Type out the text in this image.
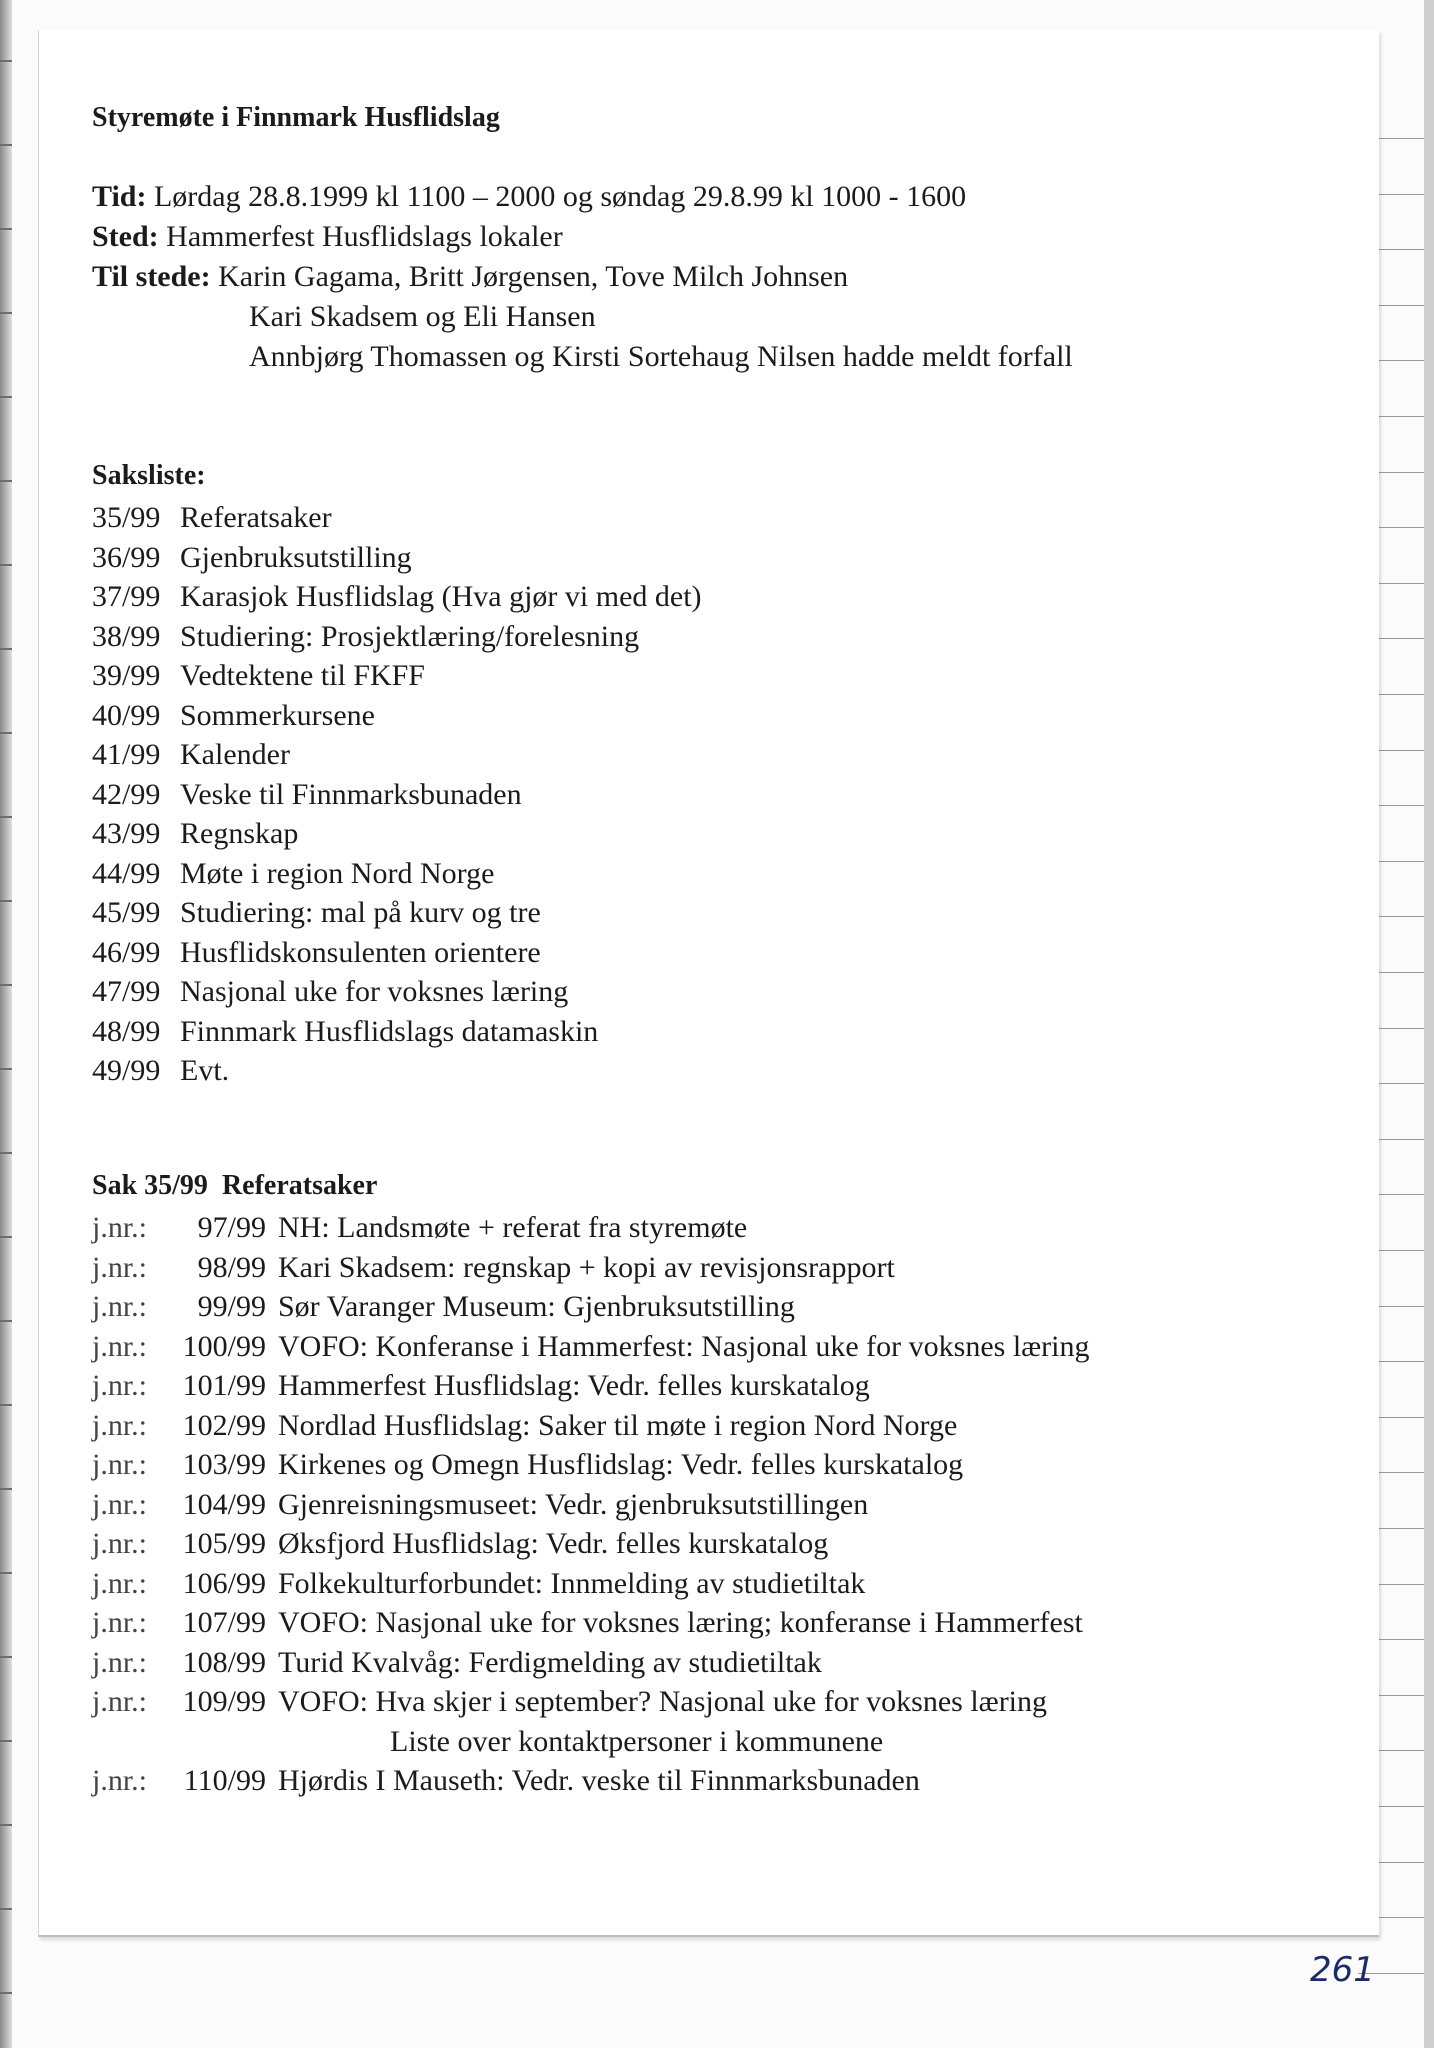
Styremøte i Finnmark Husflidslag
Tid: Lørdag 28.8.1999 kl 1100 – 2000 og søndag 29.8.99 kl 1000 - 1600
Sted: Hammerfest Husflidslags lokaler
Til stede: Karin Gagama, Britt Jørgensen, Tove Milch Johnsen
Kari Skadsem og Eli Hansen
Annbjørg Thomassen og Kirsti Sortehaug Nilsen hadde meldt forfall
Saksliste:
35/99 Referatsaker
36/99 Gjenbruksutstilling
37/99 Karasjok Husflidslag (Hva gjør vi med det)
38/99 Studiering: Prosjektlæring/forelesning
39/99 Vedtektene til FKFF
40/99 Sommerkursene
41/99 Kalender
42/99 Veske til Finnmarksbunaden
43/99 Regnskap
44/99 Møte i region Nord Norge
45/99 Studiering: mal på kurv og tre
46/99 Husflidskonsulenten orientere
47/99 Nasjonal uke for voksnes læring
48/99 Finnmark Husflidslags datamaskin
49/99 Evt.
Sak 35/99 Referatsaker
j.nr.: 97/99 NH: Landsmøte + referat fra styremøte
j.nr.: 98/99 Kari Skadsem: regnskap + kopi av revisjonsrapport
j.nr.: 99/99 Sør Varanger Museum: Gjenbruksutstilling
j.nr.: 100/99 VOFO: Konferanse i Hammerfest: Nasjonal uke for voksnes læring
j.nr.: 101/99 Hammerfest Husflidslag: Vedr. felles kurskatalog
j.nr.: 102/99 Nordlad Husflidslag: Saker til møte i region Nord Norge
j.nr.: 103/99 Kirkenes og Omegn Husflidslag: Vedr. felles kurskatalog
j.nr.: 104/99 Gjenreisningsmuseet: Vedr. gjenbruksutstillingen
j.nr.: 105/99 Øksfjord Husflidslag: Vedr. felles kurskatalog
j.nr.: 106/99 Folkekulturforbundet: Innmelding av studietiltak
j.nr.: 107/99 VOFO: Nasjonal uke for voksnes læring; konferanse i Hammerfest
j.nr.: 108/99 Turid Kvalvåg: Ferdigmelding av studietiltak
j.nr.: 109/99 VOFO: Hva skjer i september? Nasjonal uke for voksnes læring
Liste over kontaktpersoner i kommunene
j.nr.: 110/99 Hjørdis I Mauseth: Vedr. veske til Finnmarksbunaden
261
